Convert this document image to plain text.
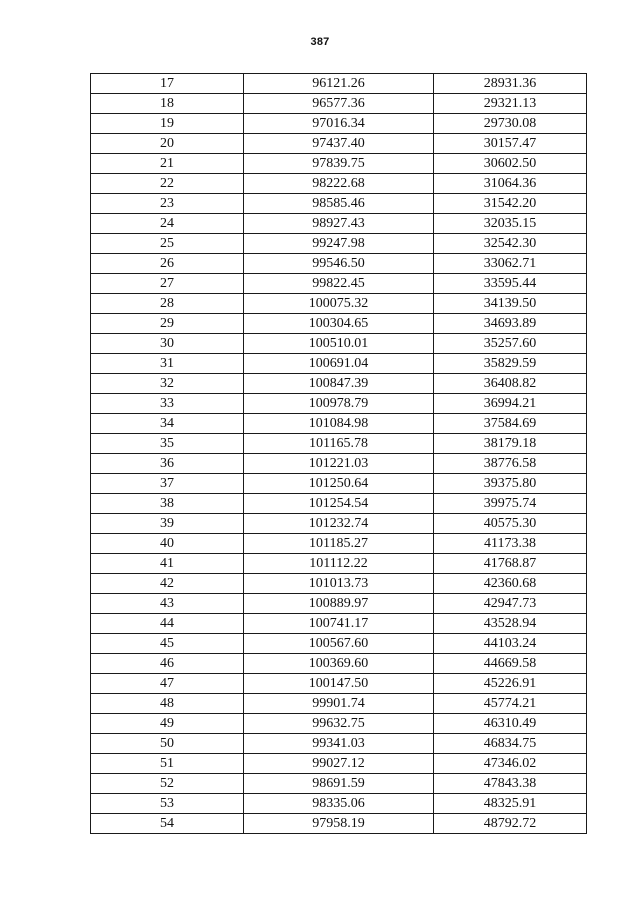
387
17	96121.26	28931.36
18	96577.36	29321.13
19	97016.34	29730.08
20	97437.40	30157.47
21	97839.75	30602.50
22	98222.68	31064.36
23	98585.46	31542.20
24	98927.43	32035.15
25	99247.98	32542.30
26	99546.50	33062.71
27	99822.45	33595.44
28	100075.32	34139.50
29	100304.65	34693.89
30	100510.01	35257.60
31	100691.04	35829.59
32	100847.39	36408.82
33	100978.79	36994.21
34	101084.98	37584.69
35	101165.78	38179.18
36	101221.03	38776.58
37	101250.64	39375.80
38	101254.54	39975.74
39	101232.74	40575.30
40	101185.27	41173.38
41	101112.22	41768.87
42	101013.73	42360.68
43	100889.97	42947.73
44	100741.17	43528.94
45	100567.60	44103.24
46	100369.60	44669.58
47	100147.50	45226.91
48	99901.74	45774.21
49	99632.75	46310.49
50	99341.03	46834.75
51	99027.12	47346.02
52	98691.59	47843.38
53	98335.06	48325.91
54	97958.19	48792.72
